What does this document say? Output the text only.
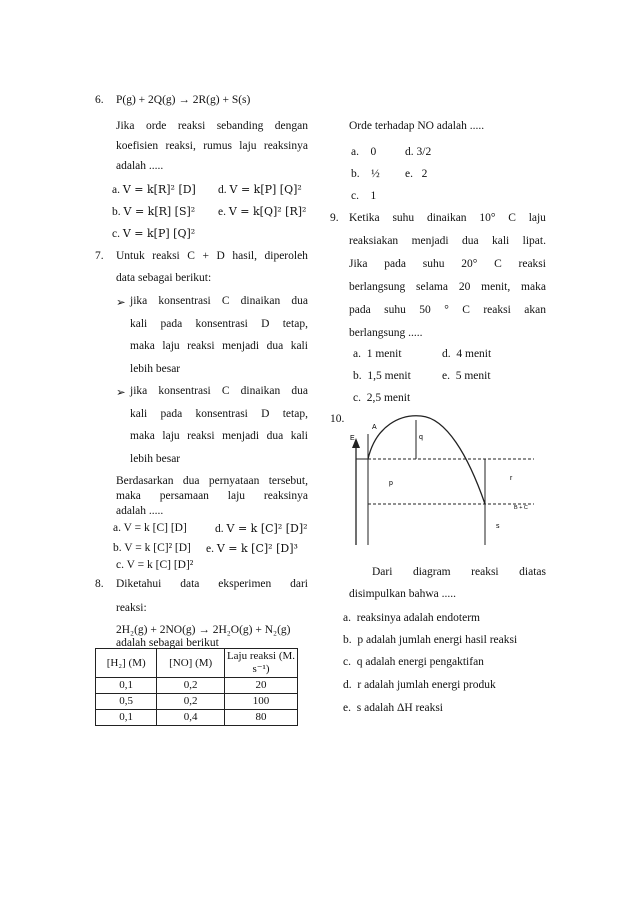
6. P(g) + 2Q(g) → 2R(g) + S(s)
Jika orde reaksi sebanding dengan
koefisien reaksi, rumus laju reaksinya
adalah .....
a. V = k[R]² [D] d. V = k[P] [Q]²
b. V = k[R] [S]² e. V = k[Q]² [R]²
c. V = k[P] [Q]²
7. Untuk reaksi C + D hasil, diperoleh
data sebagai berikut:
➢ jika konsentrasi C dinaikan dua
kali pada konsentrasi D tetap,
maka laju reaksi menjadi dua kali
lebih besar
➢ jika konsentrasi C dinaikan dua
kali pada konsentrasi D tetap,
maka laju reaksi menjadi dua kali
lebih besar
Berdasarkan dua pernyataan tersebut,
maka persamaan laju reaksinya
adalah .....
a. V = k [C] [D] d. V = k [C]² [D]²
b. V = k [C]² [D] e. V = k [C]² [D]³
c. V = k [C] [D]²
8. Diketahui data eksperimen dari
reaksi:
2H₂(g) + 2NO(g) → 2H₂O(g) + N₂(g)
adalah sebagai berikut
[H₂] (M)	[NO] (M)	Laju reaksi (M. s⁻¹)
0,1	0,2	20
0,5	0,2	100
0,1	0,4	80
Orde terhadap NO adalah .....
a. 0	d. 3/2
b. ½ e. 2
c. 1
9. Ketika suhu dinaikan 10° C laju
reaksiakan menjadi dua kali lipat.
Jika pada suhu 20° C reaksi
berlangsung selama 20 menit, maka
pada suhu 50 ° C reaksi akan
berlangsung .....
a. 1 menit	d. 4 menit
b. 1,5 menit	e. 5 menit
c. 2,5 menit
10.
E
A
q
p
r
B + C
s
Dari diagram reaksi diatas
disimpulkan bahwa .....
a. reaksinya adalah endoterm
b. p adalah jumlah energi hasil reaksi
c. q adalah energi pengaktifan
d. r adalah jumlah energi produk
e. s adalah ΔH reaksi
